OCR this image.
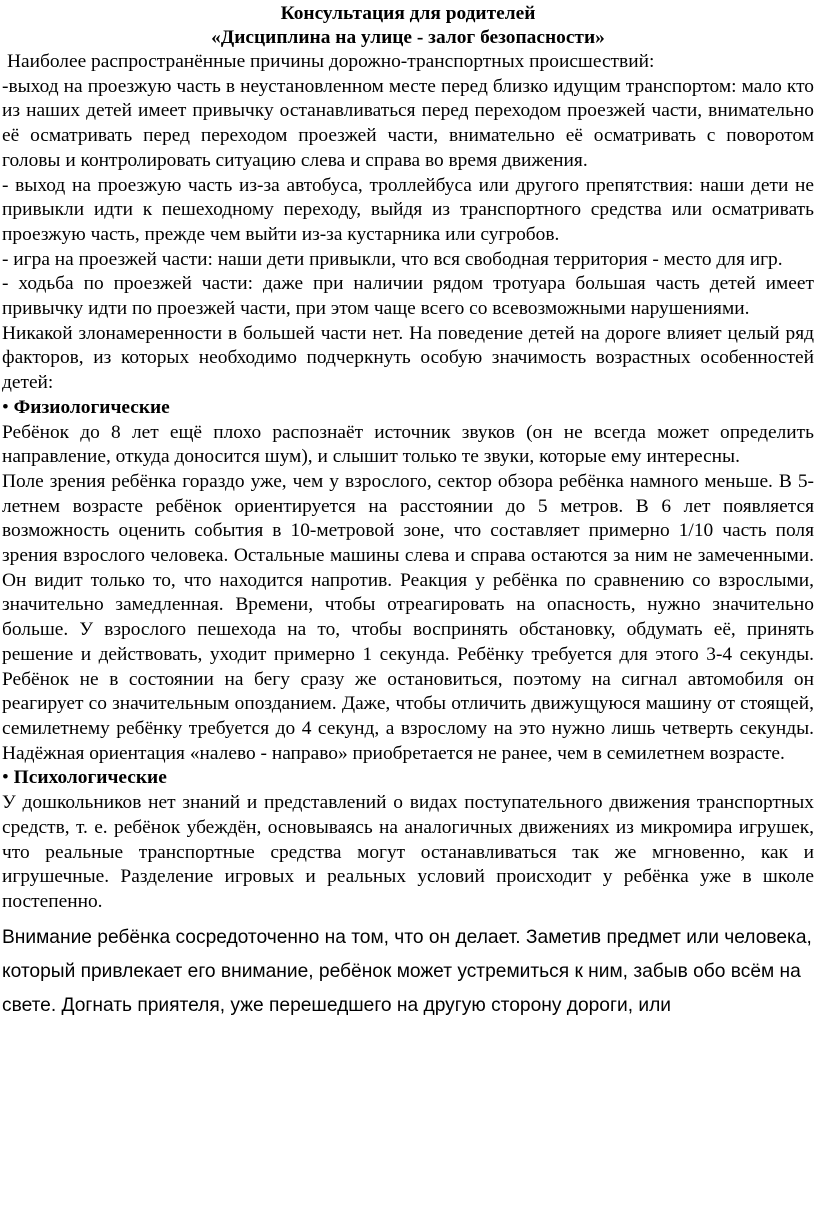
Консультация для родителей
«Дисциплина на улице - залог безопасности»

Наиболее распространённые причины дорожно-транспортных происшествий:

-выход на проезжую часть в неустановленном месте перед близко идущим транспортом: мало кто из наших детей имеет привычку останавливаться перед переходом проезжей части, внимательно её осматривать перед переходом проезжей части, внимательно её осматривать с поворотом головы и контролировать ситуацию слева и справа во время движения.

- выход на проезжую часть из-за автобуса, троллейбуса или другого препятствия: наши дети не привыкли идти к пешеходному переходу, выйдя из транспортного средства или осматривать проезжую часть, прежде чем выйти из-за кустарника или сугробов.

- игра на проезжей части: наши дети привыкли, что вся свободная территория - место для игр.

- ходьба по проезжей части: даже при наличии рядом тротуара большая часть детей имеет привычку идти по проезжей части, при этом чаще всего со всевозможными нарушениями.

Никакой злонамеренности в большей части нет. На поведение детей на дороге влияет целый ряд факторов, из которых необходимо подчеркнуть особую значимость возрастных особенностей детей:

• Физиологические

Ребёнок до 8 лет ещё плохо распознаёт источник звуков (он не всегда может определить направление, откуда доносится шум), и слышит только те звуки, которые ему интересны.

Поле зрения ребёнка гораздо уже, чем у взрослого, сектор обзора ребёнка намного меньше. В 5-летнем возрасте ребёнок ориентируется на расстоянии до 5 метров. В 6 лет появляется возможность оценить события в 10-метровой зоне, что составляет примерно 1/10 часть поля зрения взрослого человека. Остальные машины слева и справа остаются за ним не замеченными. Он видит только то, что находится напротив. Реакция у ребёнка по сравнению со взрослыми, значительно замедленная. Времени, чтобы отреагировать на опасность, нужно значительно больше. У взрослого пешехода на то, чтобы воспринять обстановку, обдумать её, принять решение и действовать, уходит примерно 1 секунда. Ребёнку требуется для этого 3-4 секунды. Ребёнок не в состоянии на бегу сразу же остановиться, поэтому на сигнал автомобиля он реагирует со значительным опозданием. Даже, чтобы отличить движущуюся машину от стоящей, семилетнему ребёнку требуется до 4 секунд, а взрослому на это нужно лишь четверть секунды. Надёжная ориентация «налево - направо» приобретается не ранее, чем в семилетнем возрасте.

• Психологические

У дошкольников нет знаний и представлений о видах поступательного движения транспортных средств, т. е. ребёнок убеждён, основываясь на аналогичных движениях из микромира игрушек, что реальные транспортные средства могут останавливаться так же мгновенно, как и игрушечные. Разделение игровых и реальных условий происходит у ребёнка уже в школе постепенно.

Внимание ребёнка сосредоточенно на том, что он делает. Заметив предмет или человека, который привлекает его внимание, ребёнок может устремиться к ним, забыв обо всём на свете. Догнать приятеля, уже перешедшего на другую сторону дороги, или
